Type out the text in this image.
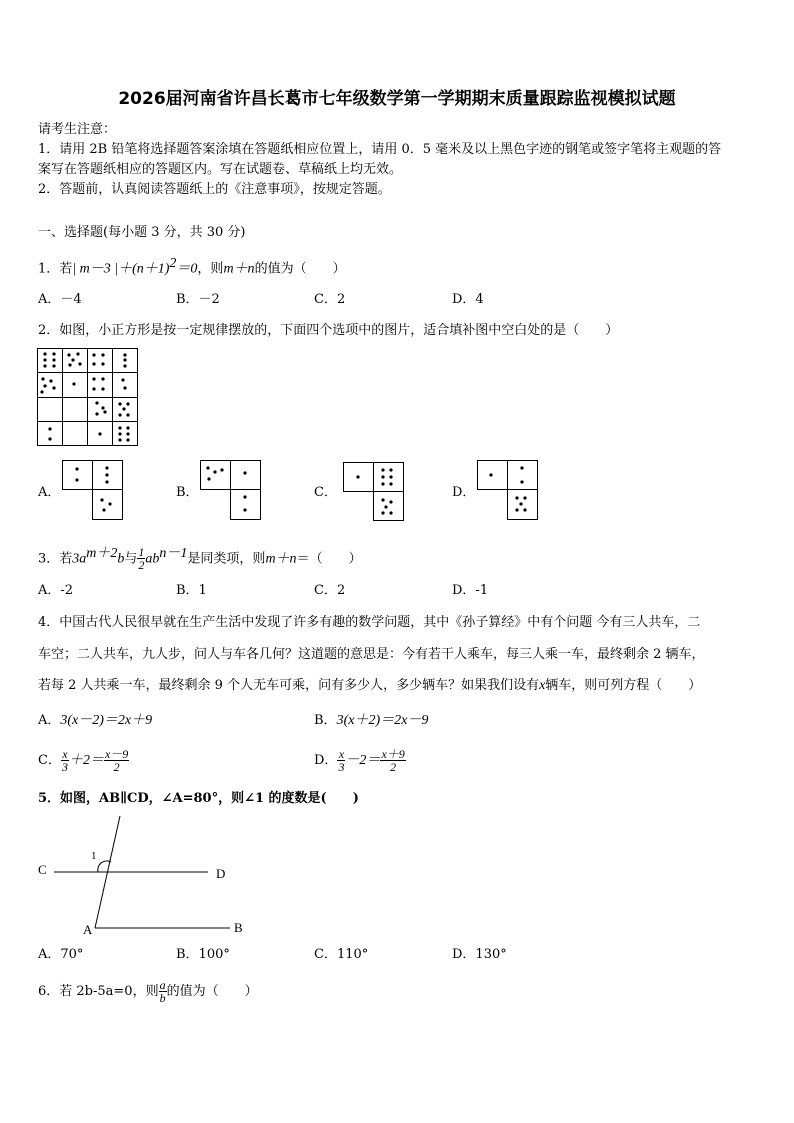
2026届河南省许昌长葛市七年级数学第一学期期末质量跟踪监视模拟试题
请考生注意：
1．请用 2B 铅笔将选择题答案涂填在答题纸相应位置上，请用 0．5 毫米及以上黑色字迹的钢笔或签字笔将主观题的答
案写在答题纸相应的答题区内。写在试题卷、草稿纸上均无效。
2．答题前，认真阅读答题纸上的《注意事项》，按规定答题。
一、选择题(每小题 3 分，共 30 分)
1．若| m－3 $|+(n+1)^2=0$，则m＋n的值为（　　）
A．－4	B．－2	C．2	D．4
2．如图，小正方形是按一定规律摆放的，下面四个选项中的图片，适合填补图中空白处的是（　　）
A．	B．	C．	D．
3．若$3a^{m+2}b$与 $\frac{1}{2} ab^{n-1}$是同类项，则m＋n＝（　　）
A．-2	B．1	C．2	D．-1
4．中国古代人民很早就在生产生活中发现了许多有趣的数学问题，其中《孙子算经》中有个问题 今有三人共车，二
车空；二人共车，九人步，问人与车各几何？这道题的意思是：今有若干人乘车，每三人乘一车，最终剩余 2 辆车，
若每 2 人共乘一车，最终剩余 9 个人无车可乘，问有多少人，多少辆车？如果我们设有x辆车，则可列方程（　　）
A．3(x－2)＝2x＋9	B．3(x＋2)＝2x－9
C． $\frac{x}{3} +2= \frac{x-9}{2}$	D． $\frac{x}{3} -2= \frac{x+9}{2}$
5．如图，AB∥CD，∠A=80°，则∠1 的度数是(　　)
C	D
A	B
1
A．70°	B．100°	C．110°	D．130°
6．若 2b-5a=0，则 $\frac{a}{b}$ 的值为（　　）
